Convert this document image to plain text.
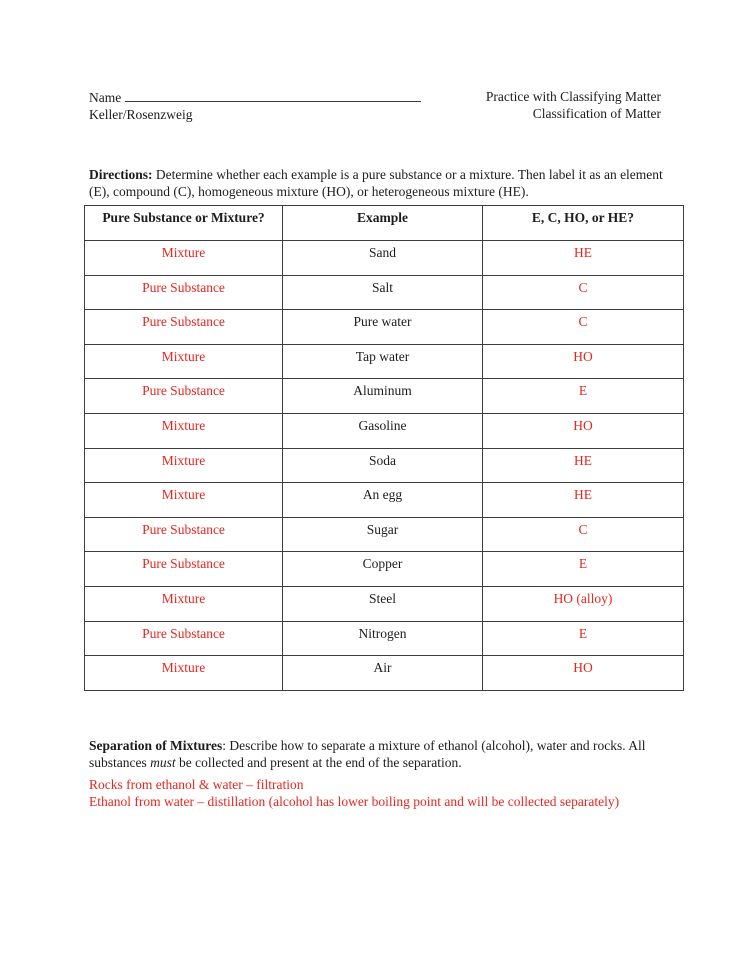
Name
Keller/Rosenzweig
Practice with Classifying Matter
Classification of Matter

Directions: Determine whether each example is a pure substance or a mixture. Then label it as an element (E), compound (C), homogeneous mixture (HO), or heterogeneous mixture (HE).

Pure Substance or Mixture?	Example	E, C, HO, or HE?
Mixture	Sand	HE
Pure Substance	Salt	C
Pure Substance	Pure water	C
Mixture	Tap water	HO
Pure Substance	Aluminum	E
Mixture	Gasoline	HO
Mixture	Soda	HE
Mixture	An egg	HE
Pure Substance	Sugar	C
Pure Substance	Copper	E
Mixture	Steel	HO (alloy)
Pure Substance	Nitrogen	E
Mixture	Air	HO

Separation of Mixtures: Describe how to separate a mixture of ethanol (alcohol), water and rocks. All substances must be collected and present at the end of the separation.

Rocks from ethanol & water – filtration
Ethanol from water – distillation (alcohol has lower boiling point and will be collected separately)
